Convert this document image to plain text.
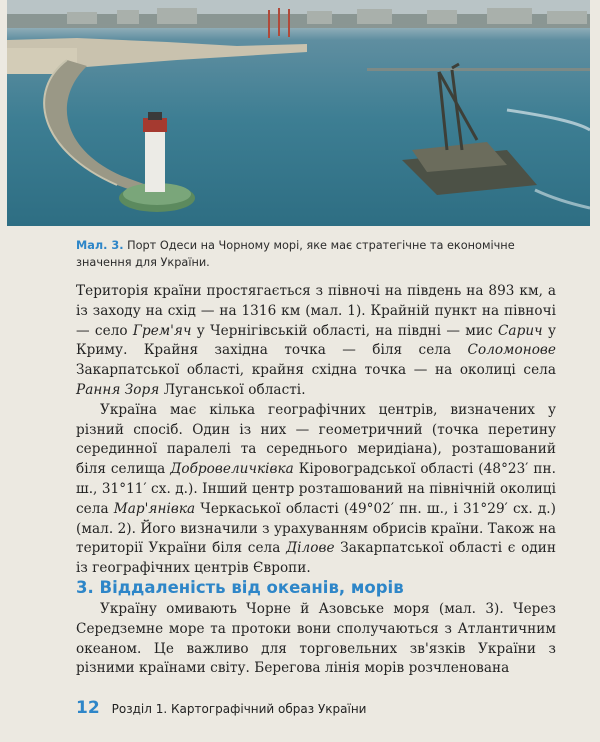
Мал. 3. Порт Одеси на Чорному морі, яке має стратегічне та економічне значення для України.

Територія країни простягається з півночі на південь на 893 км, а із заходу на схід — на 1316 км (мал. 1). Крайній пункт на півночі — село Грем'яч у Чернігівській області, на півдні — мис Сарич у Криму. Крайня західна точка — біля села Соломонове Закарпатської області, крайня східна точка — на околиці села Рання Зоря Луганської області.

Україна має кілька географічних центрів, визначених у різний спосіб. Один із них — геометричний (точка перетину серединної паралелі та середнього меридіана), розташований біля селища Добровеличківка Кіровоградської області (48°23′ пн. ш., 31°11′ сх. д.). Інший центр розташований на північній околиці села Мар'янівка Черкаської області (49°02′ пн. ш., і 31°29′ сх. д.) (мал. 2). Його визначили з урахуванням обрисів країни. Також на території України біля села Ділове Закарпатської області є один із географічних центрів Європи.

3. Віддаленість від океанів, морів

Україну омивають Чорне й Азовське моря (мал. 3). Через Середземне море та протоки вони сполучаються з Атлантичним океаном. Це важливо для торговельних зв'язків України з різними країнами світу. Берегова лінія морів розчленована

12 Розділ 1. Картографічний образ України
